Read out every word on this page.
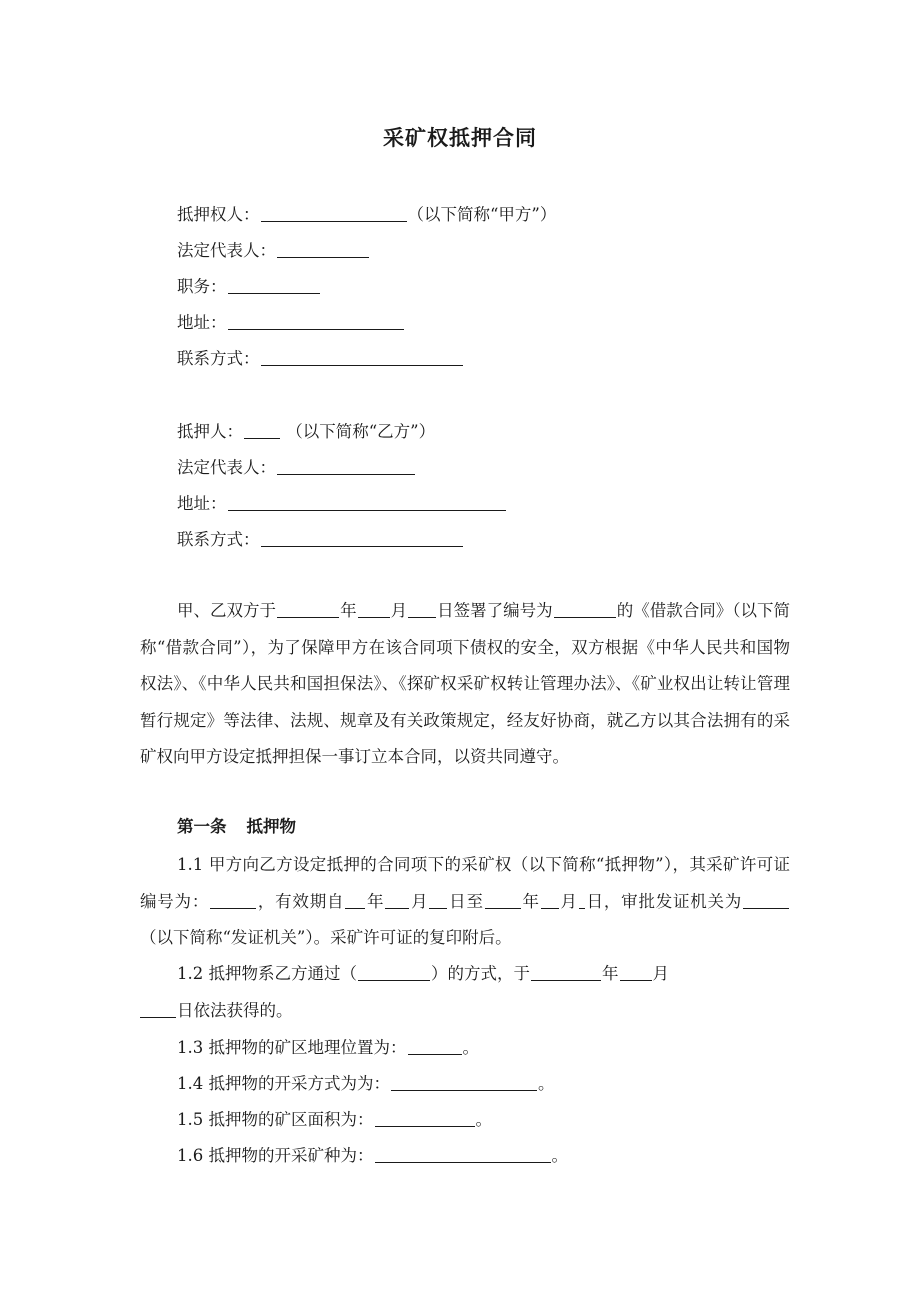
采矿权抵押合同
抵押权人：	（以下简称“甲方”）
法定代表人：
职务：
地址：
联系方式：
抵押人： （以下简称“乙方”）
法定代表人：
地址：
联系方式：
甲、乙双方于	年 月 日签署了编号为	的《借款合同》（以下简称“借款合同”），为了保障甲方在该合同项下债权的安全，双方根据《中华人民共和国物权法》、《中华人民共和国担保法》、《探矿权采矿权转让管理办法》、《矿业权出让转让管理暂行规定》等法律、法规、规章及有关政策规定，经友好协商，就乙方以其合法拥有的采矿权向甲方设定抵押担保一事订立本合同，以资共同遵守。
第一条 抵押物
1.1 甲方向乙方设定抵押的合同项下的采矿权（以下简称“抵押物”），其采矿许可证编号为：	，有效期自 年 月 日至 年 月 日，审批发证机关为（以下简称“发证机关”）。采矿许可证的复印附后。
1.2 抵押物系乙方通过（	）的方式，于	年 月
日依法获得的。
1.3 抵押物的矿区地理位置为：	。
1.4 抵押物的开采方式为为：	。
1.5 抵押物的矿区面积为：	。
1.6 抵押物的开采矿种为：	。
